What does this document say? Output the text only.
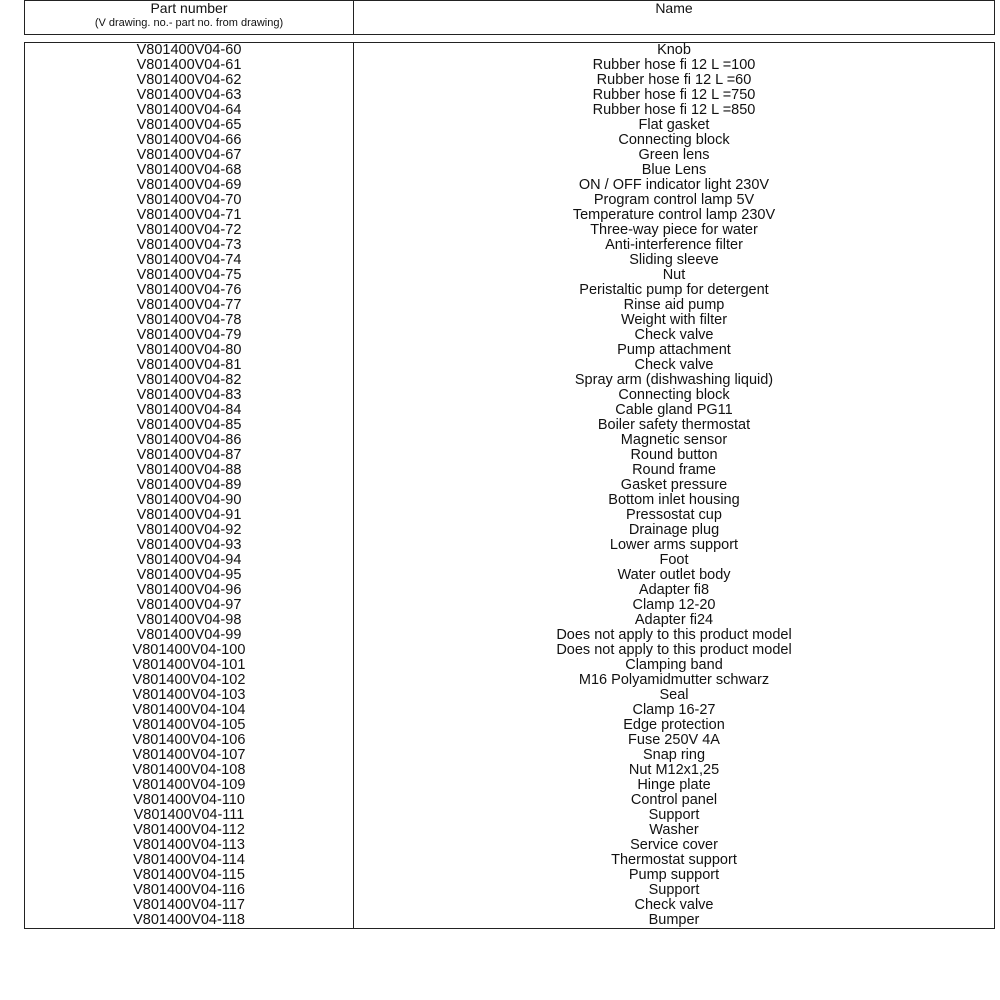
Part number
(V drawing. no.- part no. from drawing)	Name

V801400V04-60	Knob
V801400V04-61	Rubber hose fi 12 L =100
V801400V04-62	Rubber hose fi 12 L =60
V801400V04-63	Rubber hose fi 12 L =750
V801400V04-64	Rubber hose fi 12 L =850
V801400V04-65	Flat gasket
V801400V04-66	Connecting block
V801400V04-67	Green lens
V801400V04-68	Blue Lens
V801400V04-69	ON / OFF indicator light 230V
V801400V04-70	Program control lamp 5V
V801400V04-71	Temperature control lamp 230V
V801400V04-72	Three-way piece for water
V801400V04-73	Anti-interference filter
V801400V04-74	Sliding sleeve
V801400V04-75	Nut
V801400V04-76	Peristaltic pump for detergent
V801400V04-77	Rinse aid pump
V801400V04-78	Weight with filter
V801400V04-79	Check valve
V801400V04-80	Pump attachment
V801400V04-81	Check valve
V801400V04-82	Spray arm (dishwashing liquid)
V801400V04-83	Connecting block
V801400V04-84	Cable gland PG11
V801400V04-85	Boiler safety thermostat
V801400V04-86	Magnetic sensor
V801400V04-87	Round button
V801400V04-88	Round frame
V801400V04-89	Gasket pressure
V801400V04-90	Bottom inlet housing
V801400V04-91	Pressostat cup
V801400V04-92	Drainage plug
V801400V04-93	Lower arms support
V801400V04-94	Foot
V801400V04-95	Water outlet body
V801400V04-96	Adapter fi8
V801400V04-97	Clamp 12-20
V801400V04-98	Adapter fi24
V801400V04-99	Does not apply to this product model
V801400V04-100	Does not apply to this product model
V801400V04-101	Clamping band
V801400V04-102	M16 Polyamidmutter schwarz
V801400V04-103	Seal
V801400V04-104	Clamp 16-27
V801400V04-105	Edge protection
V801400V04-106	Fuse 250V 4A
V801400V04-107	Snap ring
V801400V04-108	Nut M12x1,25
V801400V04-109	Hinge plate
V801400V04-110	Control panel
V801400V04-111	Support
V801400V04-112	Washer
V801400V04-113	Service cover
V801400V04-114	Thermostat support
V801400V04-115	Pump support
V801400V04-116	Support
V801400V04-117	Check valve
V801400V04-118	Bumper
